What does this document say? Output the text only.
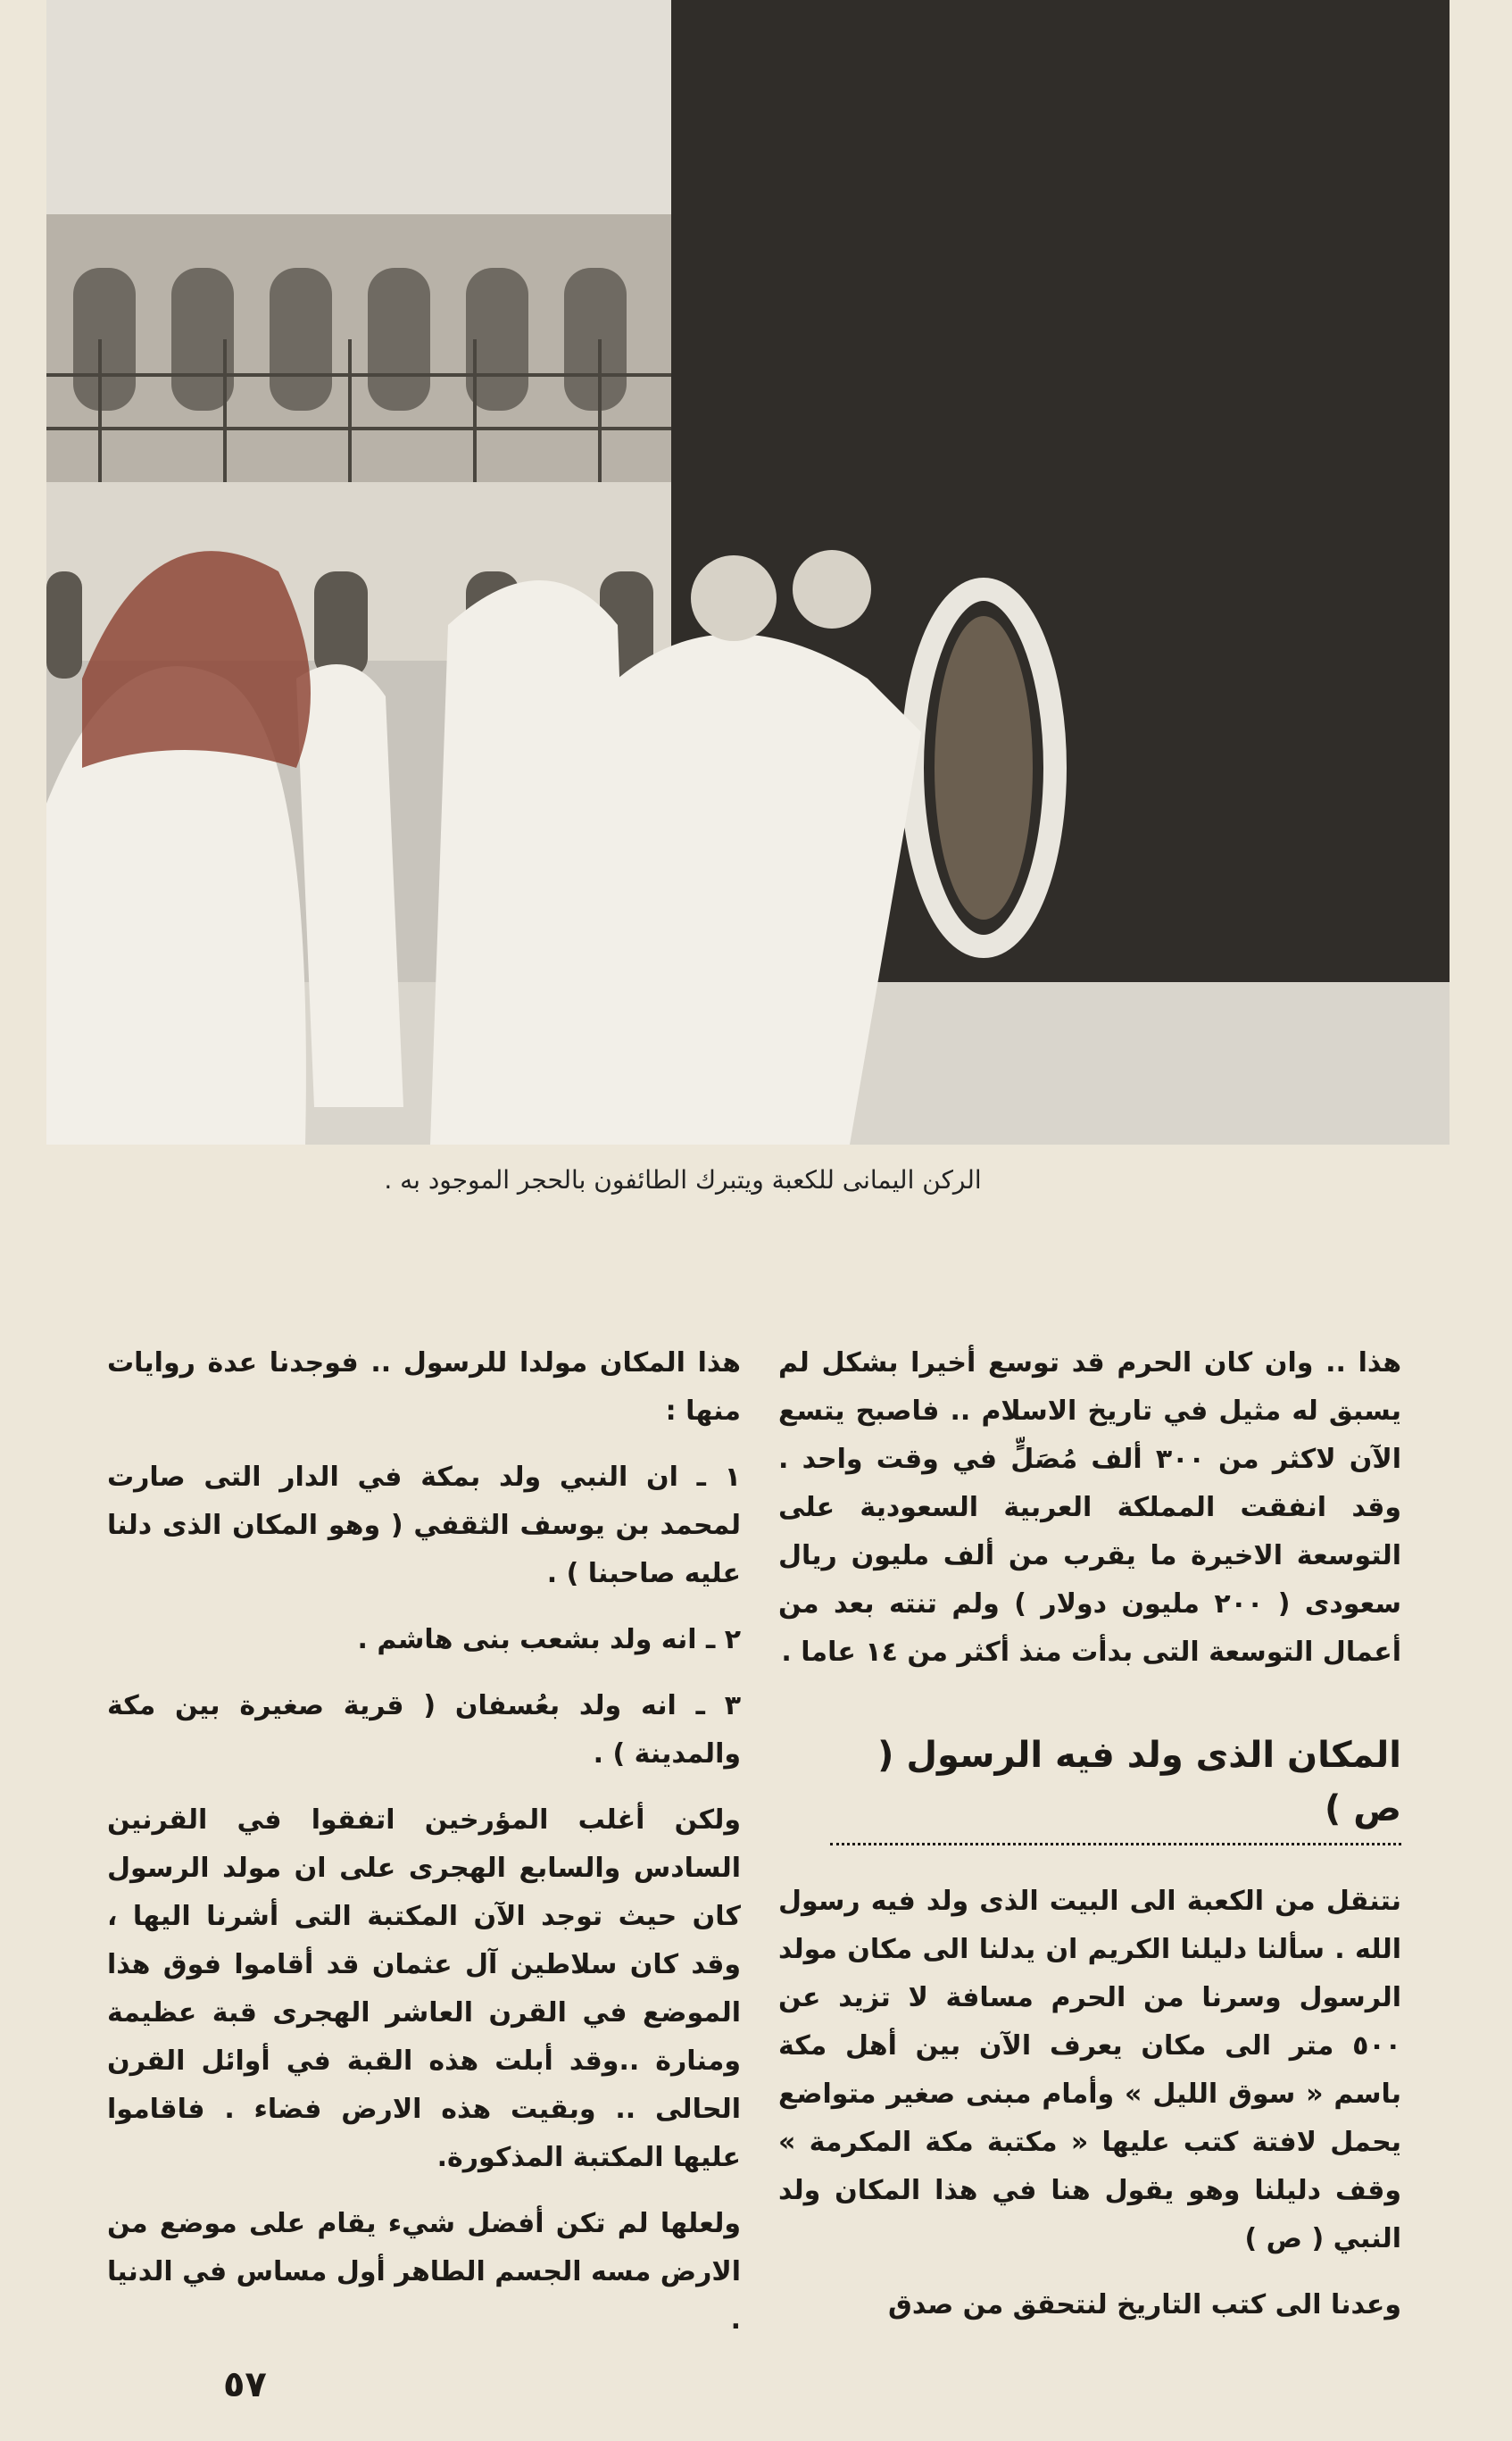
الركن اليمانى للكعبة ويتبرك الطائفون بالحجر الموجود به .

هذا .. وان كان الحرم قد توسع أخيرا بشكل لم يسبق له مثيل في تاريخ الاسلام .. فاصبح يتسع الآن لاكثر من ٣٠٠ ألف مُصَلٍّ في وقت واحد . وقد انفقت المملكة العربية السعودية على التوسعة الاخيرة ما يقرب من ألف مليون ريال سعودى ( ٢٠٠ مليون دولار ) ولم تنته بعد من أعمال التوسعة التى بدأت منذ أكثر من ١٤ عاما .

المكان الذى ولد فيه الرسول ( ص )

نتنقل من الكعبة الى البيت الذى ولد فيه رسول الله . سألنا دليلنا الكريم ان يدلنا الى مكان مولد الرسول وسرنا من الحرم مسافة لا تزيد عن ٥٠٠ متر الى مكان يعرف الآن بين أهل مكة باسم « سوق الليل » وأمام مبنى صغير متواضع يحمل لافتة كتب عليها « مكتبة مكة المكرمة » وقف دليلنا وهو يقول هنا في هذا المكان ولد النبي ( ص )

وعدنا الى كتب التاريخ لنتحقق من صدق

هذا المكان مولدا للرسول .. فوجدنا عدة روايات منها :

١ ـ ان النبي ولد بمكة في الدار التى صارت لمحمد بن يوسف الثقفي ( وهو المكان الذى دلنا عليه صاحبنا ) .

٢ ـ انه ولد بشعب بنى هاشم .

٣ ـ انه ولد بعُسفان ( قرية صغيرة بين مكة والمدينة ) .

ولكن أغلب المؤرخين اتفقوا في القرنين السادس والسابع الهجرى على ان مولد الرسول كان حيث توجد الآن المكتبة التى أشرنا اليها ، وقد كان سلاطين آل عثمان قد أقاموا فوق هذا الموضع في القرن العاشر الهجرى قبة عظيمة ومنارة ..وقد أبلت هذه القبة في أوائل القرن الحالى .. وبقيت هذه الارض فضاء . فاقاموا عليها المكتبة المذكورة.

ولعلها لم تكن أفضل شيء يقام على موضع من الارض مسه الجسم الطاهر أول مساس في الدنيا .

٥٧
